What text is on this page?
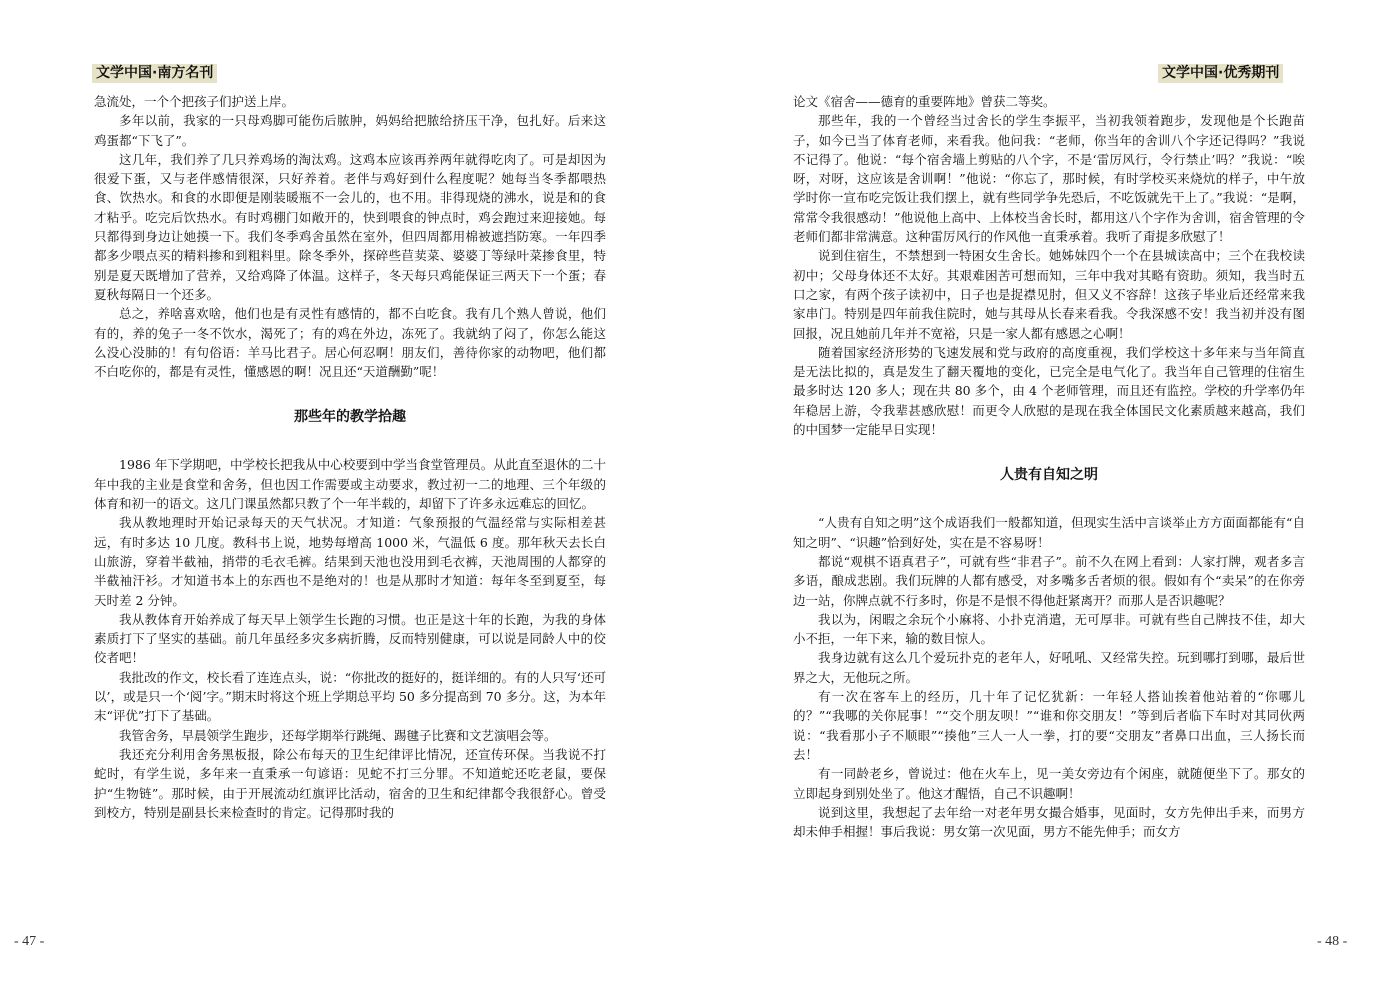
文学中国·南方名刊

急流处，一个个把孩子们护送上岸。

多年以前，我家的一只母鸡脚可能伤后脓肿，妈妈给把脓给挤压干净，包扎好。后来这鸡蛋都“下飞了”。

这几年，我们养了几只养鸡场的淘汰鸡。这鸡本应该再养两年就得吃肉了。可是却因为很爱下蛋，又与老伴感情很深，只好养着。老伴与鸡好到什么程度呢？她每当冬季都喂热食、饮热水。和食的水即便是刚装暖瓶不一会儿的，也不用。非得现烧的沸水，说是和的食才粘乎。吃完后饮热水。有时鸡棚门如敞开的，快到喂食的钟点时，鸡会跑过来迎接她。每只都得到身边让她摸一下。我们冬季鸡舍虽然在室外，但四周都用棉被遮挡防寒。一年四季都多少喂点买的精料掺和到粗料里。除冬季外，探碎些苣荬菜、婆婆丁等绿叶菜掺食里，特别是夏天既增加了营养，又给鸡降了体温。这样子，冬天每只鸡能保证三两天下一个蛋；春夏秋每隔日一个还多。

总之，养啥喜欢啥，他们也是有灵性有感情的，都不白吃食。我有几个熟人曾说，他们有的，养的兔子一冬不饮水，渴死了；有的鸡在外边，冻死了。我就纳了闷了，你怎么能这么没心没肺的！有句俗语：羊马比君子。居心何忍啊！朋友们，善待你家的动物吧，他们都不白吃你的，都是有灵性，懂感恩的啊！况且还“天道酬勤”呢！

那些年的教学拾趣

1986 年下学期吧，中学校长把我从中心校要到中学当食堂管理员。从此直至退休的二十年中我的主业是食堂和舍务，但也因工作需要或主动要求，教过初一二的地理、三个年级的体育和初一的语文。这几门课虽然都只教了个一年半载的，却留下了许多永远难忘的回忆。

我从教地理时开始记录每天的天气状况。才知道：气象预报的气温经常与实际相差甚远，有时多达 10 几度。教科书上说，地势每增高 1000 米，气温低 6 度。那年秋天去长白山旅游，穿着半截袖，捎带的毛衣毛裤。结果到天池也没用到毛衣裤，天池周围的人都穿的半截袖汗衫。才知道书本上的东西也不是绝对的！也是从那时才知道：每年冬至到夏至，每天时差 2 分钟。

我从教体育开始养成了每天早上领学生长跑的习惯。也正是这十年的长跑，为我的身体素质打下了坚实的基础。前几年虽经多灾多病折腾，反而特别健康，可以说是同龄人中的佼佼者吧！

我批改的作文，校长看了连连点头，说：“你批改的挺好的，挺详细的。有的人只写‘还可以’，或是只一个‘阅’字。”期末时将这个班上学期总平均 50 多分提高到 70 多分。这，为本年末“评优”打下了基础。

我管舍务，早晨领学生跑步，还每学期举行跳绳、踢毽子比赛和文艺演唱会等。

我还充分利用舍务黑板报，除公布每天的卫生纪律评比情况，还宣传环保。当我说不打蛇时，有学生说，多年来一直秉承一句谚语：见蛇不打三分罪。不知道蛇还吃老鼠，要保护“生物链”。那时候，由于开展流动红旗评比活动，宿舍的卫生和纪律都令我很舒心。曾受到校方，特别是副县长来检查时的肯定。记得那时我的

- 47 -
文学中国·优秀期刊

论文《宿舍——德育的重要阵地》曾获二等奖。

那些年，我的一个曾经当过舍长的学生李振平，当初我领着跑步，发现他是个长跑苗子，如今已当了体育老师，来看我。他问我：“老师，你当年的舍训八个字还记得吗？”我说不记得了。他说：“每个宿舍墙上剪贴的八个字，不是‘雷厉风行，令行禁止’吗？”我说：“唉呀，对呀，这应该是舍训啊！”他说：“你忘了，那时候，有时学校买来烧炕的样子，中午放学时你一宣布吃完饭让我们摆上，就有些同学争先恐后，不吃饭就先干上了。”我说：“是啊，常常令我很感动！”他说他上高中、上体校当舍长时，都用这八个字作为舍训，宿舍管理的令老师们都非常满意。这种雷厉风行的作风他一直秉承着。我听了甭提多欣慰了！

说到住宿生，不禁想到一特困女生舍长。她姊妹四个一个在县城读高中；三个在我校读初中；父母身体还不太好。其艰难困苦可想而知，三年中我对其略有资助。须知，我当时五口之家，有两个孩子读初中，日子也是捉襟见肘，但又义不容辞！这孩子毕业后还经常来我家串门。特别是四年前我住院时，她与其母从长春来看我。令我深感不安！我当初并没有图回报，况且她前几年并不宽裕，只是一家人都有感恩之心啊！

随着国家经济形势的飞速发展和党与政府的高度重视，我们学校这十多年来与当年简直是无法比拟的，真是发生了翻天覆地的变化，已完全是电气化了。我当年自己管理的住宿生最多时达 120 多人；现在共 80 多个，由 4 个老师管理，而且还有监控。学校的升学率仍年年稳居上游，令我辈甚感欣慰！而更令人欣慰的是现在我全体国民文化素质越来越高，我们的中国梦一定能早日实现！

人贵有自知之明

“人贵有自知之明”这个成语我们一般都知道，但现实生活中言谈举止方方面面都能有“自知之明”、“识趣”恰到好处，实在是不容易呀！

都说“观棋不语真君子”，可就有些“非君子”。前不久在网上看到：人家打牌，观者多言多语，酿成悲剧。我们玩牌的人都有感受，对多嘴多舌者烦的很。假如有个“卖呆”的在你旁边一站，你牌点就不行多时，你是不是恨不得他赶紧离开？而那人是否识趣呢？

我以为，闲暇之余玩个小麻将、小扑克消遣，无可厚非。可就有些自己牌技不佳，却大小不拒，一年下来，输的数目惊人。

我身边就有这么几个爱玩扑克的老年人，好吼吼、又经常失控。玩到哪打到哪，最后世界之大，无他玩之所。

有一次在客车上的经历，几十年了记忆犹新：一年轻人搭讪挨着他站着的“你哪儿的？”“我哪的关你屁事！”“交个朋友呗！”“谁和你交朋友！”等到后者临下车时对其同伙两说：“我看那小子不顺眼”“揍他”三人一人一拳，打的要“交朋友”者鼻口出血，三人扬长而去！

有一同龄老乡，曾说过：他在火车上，见一美女旁边有个闲座，就随便坐下了。那女的立即起身到别处坐了。他这才醒悟，自己不识趣啊！

说到这里，我想起了去年给一对老年男女撮合婚事，见面时，女方先伸出手来，而男方却未伸手相握！事后我说：男女第一次见面，男方不能先伸手；而女方

- 48 -
